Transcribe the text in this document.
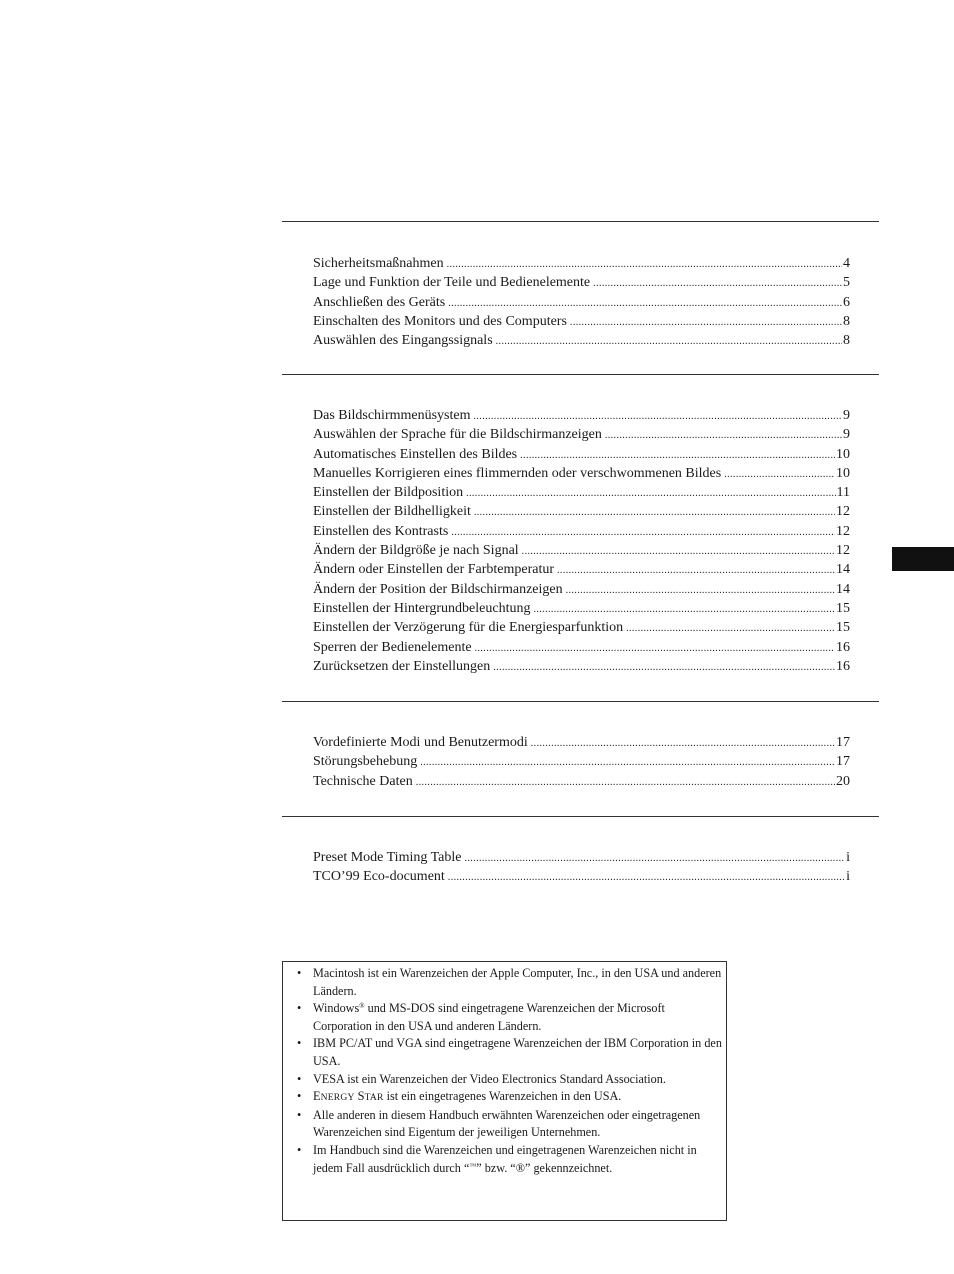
Sicherheitsmaßnahmen .....	4
Lage und Funktion der Teile und Bedienelemente .....	5
Anschließen des Geräts .....	6
Einschalten des Monitors und des Computers .....	8
Auswählen des Eingangssignals .....	8
Das Bildschirmmenüsystem .....	9
Auswählen der Sprache für die Bildschirmanzeigen .....	9
Automatisches Einstellen des Bildes .....	10
Manuelles Korrigieren eines flimmernden oder verschwommenen Bildes .....	10
Einstellen der Bildposition .....	11
Einstellen der Bildhelligkeit .....	12
Einstellen des Kontrasts .....	12
Ändern der Bildgröße je nach Signal .....	12
Ändern oder Einstellen der Farbtemperatur .....	14
Ändern der Position der Bildschirmanzeigen .....	14
Einstellen der Hintergrundbeleuchtung .....	15
Einstellen der Verzögerung für die Energiesparfunktion .....	15
Sperren der Bedienelemente .....	16
Zurücksetzen der Einstellungen .....	16
Vordefinierte Modi und Benutzermodi .....	17
Störungsbehebung .....	17
Technische Daten .....	20
Preset Mode Timing Table .....	i
TCO’99 Eco-document .....	i
• Macintosh ist ein Warenzeichen der Apple Computer, Inc., in den USA und anderen Ländern.
• Windows® und MS-DOS sind eingetragene Warenzeichen der Microsoft Corporation in den USA und anderen Ländern.
• IBM PC/AT und VGA sind eingetragene Warenzeichen der IBM Corporation in den USA.
• VESA ist ein Warenzeichen der Video Electronics Standard Association.
• ENERGY STAR ist ein eingetragenes Warenzeichen in den USA.
• Alle anderen in diesem Handbuch erwähnten Warenzeichen oder eingetragenen Warenzeichen sind Eigentum der jeweiligen Unternehmen.
• Im Handbuch sind die Warenzeichen und eingetragenen Warenzeichen nicht in jedem Fall ausdrücklich durch “™” bzw. “®” gekennzeichnet.
